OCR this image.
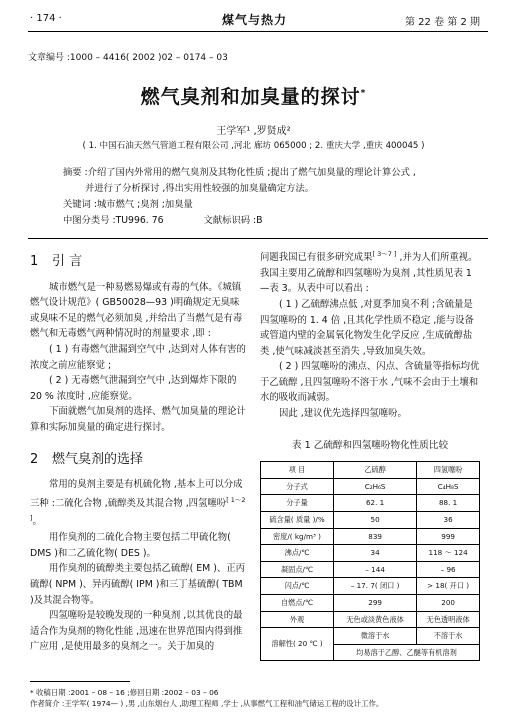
· 174 ·	煤气与热力	第 22 卷 第 2 期
文章编号 :1000 – 4416( 2002 )02 – 0174 – 03
燃气臭剂和加臭量的探讨*
王学军¹ ,罗贤成²
( 1. 中国石油天然气管道工程有限公司 ,河北 廊坊 065000 ; 2. 重庆大学 ,重庆 400045 )
摘要 :介绍了国内外常用的燃气臭剂及其物化性质 ;提出了燃气加臭量的理论计算公式 ,
并进行了分析探讨 ,得出实用性较强的加臭量确定方法。
关键词 :城市燃气 ;臭剂 ;加臭量
中图分类号 :TU996. 76	文献标识码 :B
1 引 言

城市燃气是一种易燃易爆或有毒的气体。《城镇燃气设计规范》( GB50028—93 )明确规定无臭味或臭味不足的燃气必须加臭 ,并给出了当燃气是有毒燃气和无毒燃气两种情况时的剂量要求 ,即 :

( 1 ) 有毒燃气泄漏到空气中 ,达到对人体有害的浓度之前应能察觉 ;

( 2 ) 无毒燃气泄漏到空气中 ,达到爆炸下限的 20 % 浓度时 ,应能察觉。

下面就燃气加臭剂的选择、燃气加臭量的理论计算和实际加臭量的确定进行探讨。

2 燃气臭剂的选择

常用的臭剂主要是有机硫化物 ,基本上可以分成三种 :二硫化合物 ,硫醇类及其混合物 ,四氢噻吩[ 1～2 ]。

用作臭剂的二硫化合物主要包括二甲硫化物( DMS )和二乙硫化物( DES )。

用作臭剂的硫醇类主要包括乙硫醇( EM )、正丙硫醇( NPM )、异丙硫醇( IPM )和三丁基硫醇( TBM )及其混合物等。

四氢噻吩是较晚发现的一种臭剂 ,以其优良的最适合作为臭剂的物化性能 ,迅速在世界范围内得到推广应用 ,是使用最多的臭剂之一。关于加臭的

问题我国已有很多研究成果[ 3～7 ] ,并为人们所重视。我国主要用乙硫醇和四氢噻吩为臭剂 ,其性质见表 1—表 3。从表中可以看出 :

( 1 ) 乙硫醇沸点低 ,对夏季加臭不利 ;含硫量是四氢噻吩的 1. 4 倍 ,且其化学性质不稳定 ,能与设备或管道内壁的金属氧化物发生化学反应 ,生成硫醇盐类 ,使气味减淡甚至消失 ,导致加臭失效。

( 2 ) 四氢噻吩的沸点、闪点、含硫量等指标均优于乙硫醇 ,且四氢噻吩不溶于水 ,气味不会由于土壤和水的吸收而减弱。

因此 ,建议优先选择四氢噻吩。

表 1 乙硫醇和四氢噻吩物化性质比较
项 目	乙硫醇	四氢噻吩
分子式	C₂H₆S	C₄H₈S
分子量	62. 1	88. 1
硫含量( 质量 )/%	50	36
密度/( kg/m³ )	839	999
沸点/℃	34	118 ～ 124
凝固点/℃	– 144	– 96
闪点/℃	– 17. 7( 闭口 )	> 18( 开口 )
自燃点/℃	299	200
外观	无色或淡黄色液体	无色透明液体
溶解性( 20 ℃ )	微溶于水	不溶于水
	均易溶于乙醇、乙醚等有机溶剂	
* 收稿日期 :2001 – 08 – 16 ;修回日期 :2002 – 03 – 06
作者简介 :王学军( 1974— ) ,男 ,山东烟台人 ,助理工程师 ,学士 ,从事燃气工程和油气储运工程的设计工作。
